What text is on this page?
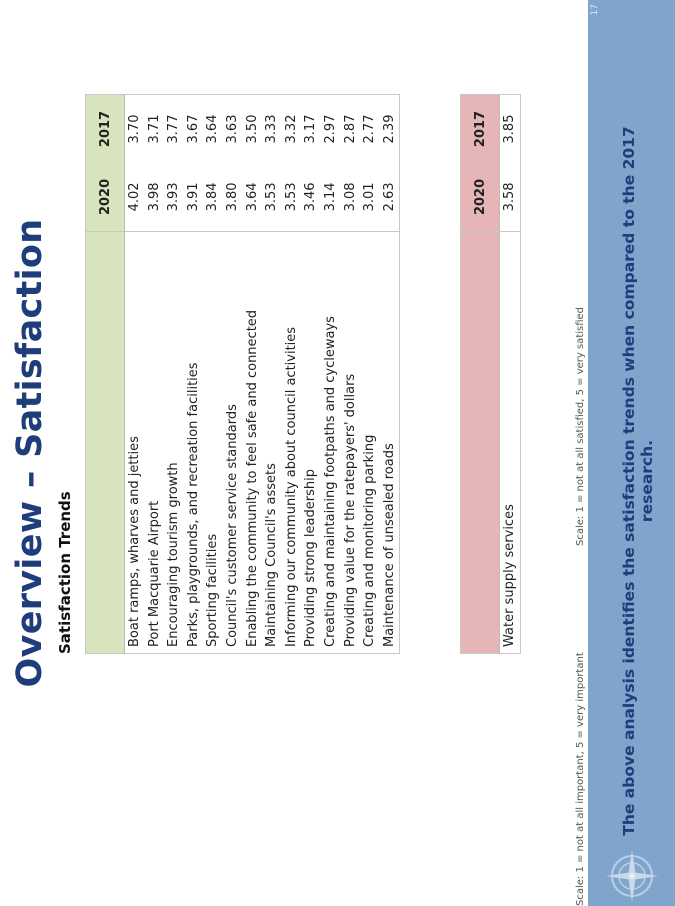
Overview – Satisfaction Satisfaction Trends
	2020	2017
Boat ramps, wharves and jetties	4.02	3.70
Port Macquarie Airport	3.98	3.71
Encouraging tourism growth	3.93	3.77
Parks, playgrounds, and recreation facilities	3.91	3.67
Sporting facilities	3.84	3.64
Council's customer service standards	3.80	3.63
Enabling the community to feel safe and connected	3.64	3.50
Maintaining Council's assets	3.53	3.33
Informing our community about council activities	3.53	3.32
Providing strong leadership	3.46	3.17
Creating and maintaining footpaths and cycleways	3.14	2.97
Providing value for the ratepayers' dollars	3.08	2.87
Creating and monitoring parking	3.01	2.77
Maintenance of unsealed roads	2.63	2.39
	2020	2017
Water supply services	3.58	3.85
Scale: 1 = not at all important, 5 = very important
Scale: 1 = not at all satisfied, 5 = very satisfied The above analysis identifies the satisfaction trends when compared to the 2017 research.
17
